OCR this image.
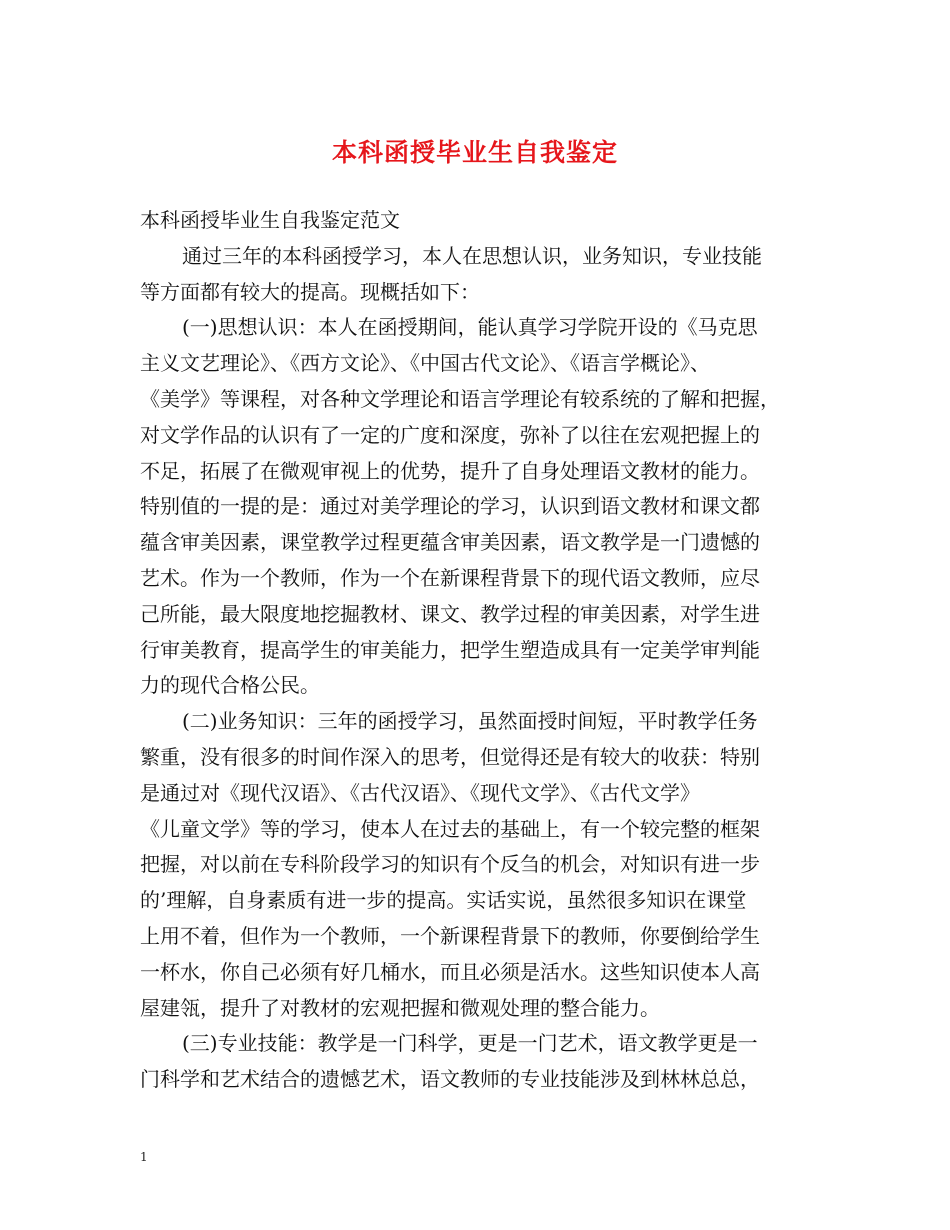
本科函授毕业生自我鉴定
本科函授毕业生自我鉴定范文
通过三年的本科函授学习，本人在思想认识，业务知识，专业技能
等方面都有较大的提高。现概括如下：
(一)思想认识：本人在函授期间，能认真学习学院开设的《马克思
主义文艺理论》、《西方文论》、《中国古代文论》、《语言学概论》、
《美学》等课程，对各种文学理论和语言学理论有较系统的了解和把握，
对文学作品的认识有了一定的广度和深度，弥补了以往在宏观把握上的
不足，拓展了在微观审视上的优势，提升了自身处理语文教材的能力。
特别值的一提的是：通过对美学理论的学习，认识到语文教材和课文都
蕴含审美因素，课堂教学过程更蕴含审美因素，语文教学是一门遗憾的
艺术。作为一个教师，作为一个在新课程背景下的现代语文教师，应尽
己所能，最大限度地挖掘教材、课文、教学过程的审美因素，对学生进
行审美教育，提高学生的审美能力，把学生塑造成具有一定美学审判能
力的现代合格公民。
(二)业务知识：三年的函授学习，虽然面授时间短，平时教学任务
繁重，没有很多的时间作深入的思考，但觉得还是有较大的收获：特别
是通过对《现代汉语》、《古代汉语》、《现代文学》、《古代文学》
《儿童文学》等的学习，使本人在过去的基础上，有一个较完整的框架
把握，对以前在专科阶段学习的知识有个反刍的机会，对知识有进一步
的’理解，自身素质有进一步的提高。实话实说，虽然很多知识在课堂
上用不着，但作为一个教师，一个新课程背景下的教师，你要倒给学生
一杯水，你自己必须有好几桶水，而且必须是活水。这些知识使本人高
屋建瓴，提升了对教材的宏观把握和微观处理的整合能力。
(三)专业技能：教学是一门科学，更是一门艺术，语文教学更是一
门科学和艺术结合的遗憾艺术，语文教师的专业技能涉及到林林总总，
1
